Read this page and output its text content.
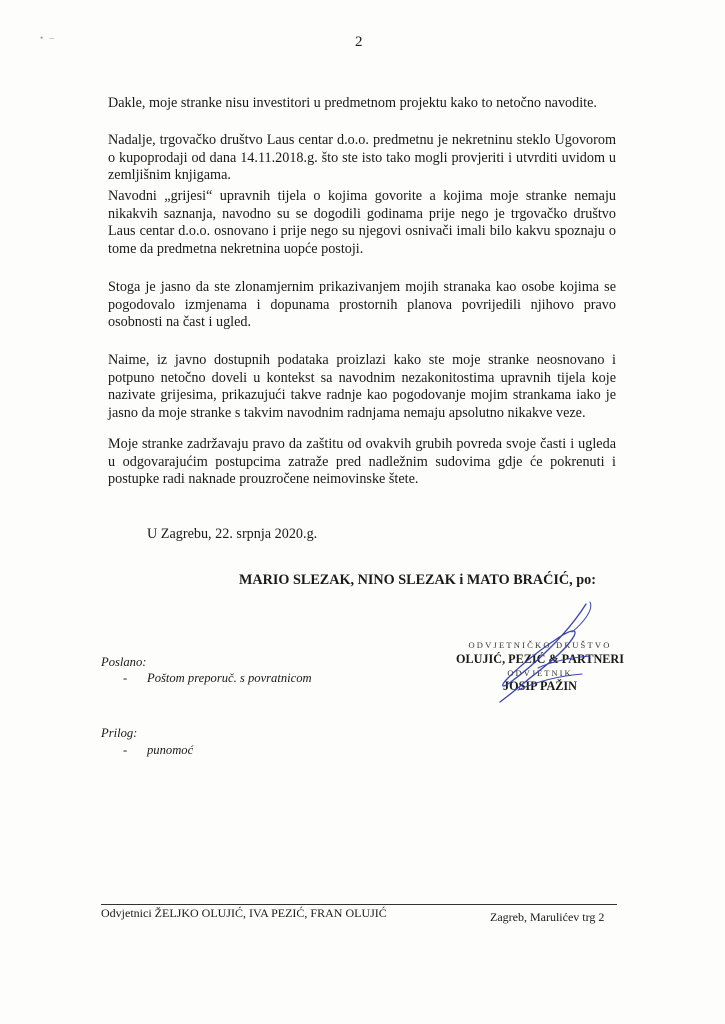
• –	2

Dakle, moje stranke nisu investitori u predmetnom projektu kako to netočno navodite.

Nadalje, trgovačko društvo Laus centar d.o.o. predmetnu je nekretninu steklo Ugovorom o kupoprodaji od dana 14.11.2018.g. što ste isto tako mogli provjeriti i utvrditi uvidom u zemljišnim knjigama.

Navodni „grijesi“ upravnih tijela o kojima govorite a kojima moje stranke nemaju nikakvih saznanja, navodno su se dogodili godinama prije nego je trgovačko društvo Laus centar d.o.o. osnovano i prije nego su njegovi osnivači imali bilo kakvu spoznaju o tome da predmetna nekretnina uopće postoji.

Stoga je jasno da ste zlonamjernim prikazivanjem mojih stranaka kao osobe kojima se pogodovalo izmjenama i dopunama prostornih planova povrijedili njihovo pravo osobnosti na čast i ugled.

Naime, iz javno dostupnih podataka proizlazi kako ste moje stranke neosnovano i potpuno netočno doveli u kontekst sa navodnim nezakonitostima upravnih tijela koje nazivate grijesima, prikazujući takve radnje kao pogodovanje mojim strankama iako je jasno da moje stranke s takvim navodnim radnjama nemaju apsolutno nikakve veze.

Moje stranke zadržavaju pravo da zaštitu od ovakvih grubih povreda svoje časti i ugleda u odgovarajućim postupcima zatraže pred nadležnim sudovima gdje će pokrenuti i postupke radi naknade prouzročene neimovinske štete.

U Zagrebu, 22. srpnja 2020.g.
MARIO SLEZAK, NINO SLEZAK i MATO BRAĆIĆ, po:
ODVJETNIČKO DRUŠTVO
OLUJIĆ, PEZIĆ & PARTNERI
ODVJETNIK
JOSIP PAŽIN
Poslano:
- Poštom preporuč. s povratnicom
Prilog:
- punomoć
Odvjetnici ŽELJKO OLUJIĆ, IVA PEZIĆ, FRAN OLUJIĆ	Zagreb, Marulićev trg 2
